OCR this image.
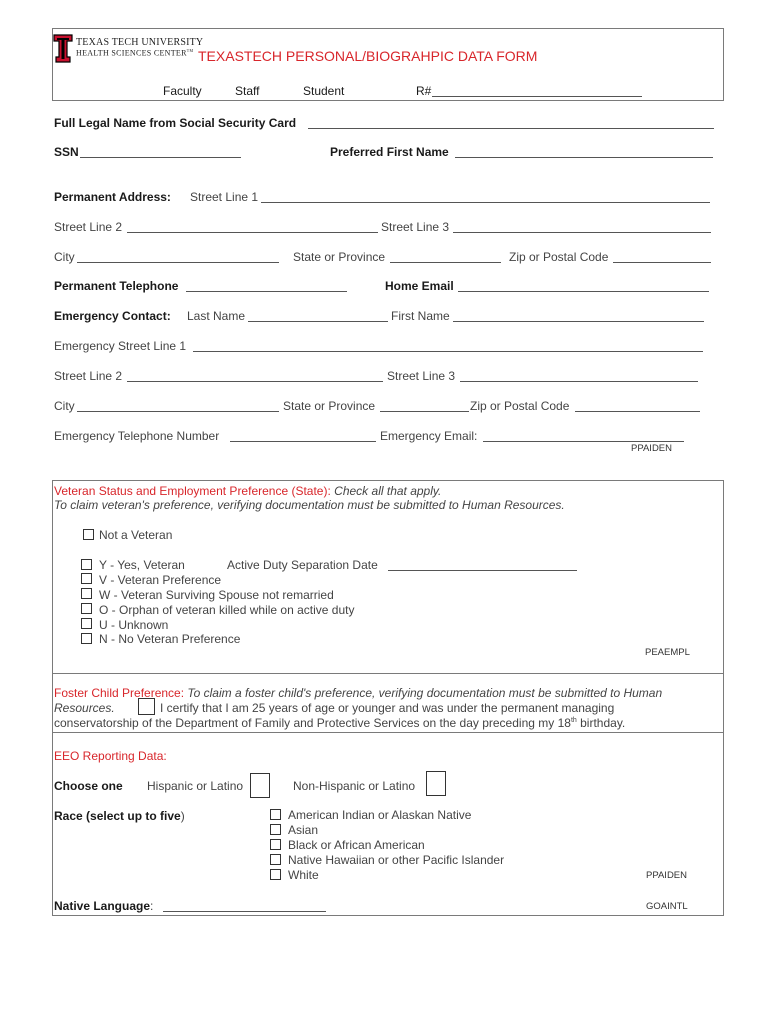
TEXAS TECH UNIVERSITY
HEALTH SCIENCES CENTER™ TEXASTECH PERSONAL/BIOGRAHPIC DATA FORM
Faculty	Staff	Student	R#
Full Legal Name from Social Security Card
SSN	Preferred First Name
Permanent Address: Street Line 1
Street Line 2	Street Line 3
City	State or Province	Zip or Postal Code
Permanent Telephone	Home Email
Emergency Contact: Last Name	First Name
Emergency Street Line 1
Street Line 2	Street Line 3
City	State or Province	Zip or Postal Code
Emergency Telephone Number	Emergency Email:
PPAIDEN
Veteran Status and Employment Preference (State): Check all that apply.
To claim veteran's preference, verifying documentation must be submitted to Human Resources.
Not a Veteran
Y - Yes, Veteran	Active Duty Separation Date
V - Veteran Preference
W - Veteran Surviving Spouse not remarried
O - Orphan of veteran killed while on active duty
U - Unknown
N - No Veteran Preference
PEAEMPL
Foster Child Preference: To claim a foster child's preference, verifying documentation must be submitted to Human
Resources.	I certify that I am 25 years of age or younger and was under the permanent managing
conservatorship of the Department of Family and Protective Services on the day preceding my 18th birthday.
EEO Reporting Data:
Choose one Hispanic or Latino	Non-Hispanic or Latino
Race (select up to five)	American Indian or Alaskan Native
Asian
Black or African American
Native Hawaiian or other Pacific Islander
White	PPAIDEN
Native Language:	GOAINTL
